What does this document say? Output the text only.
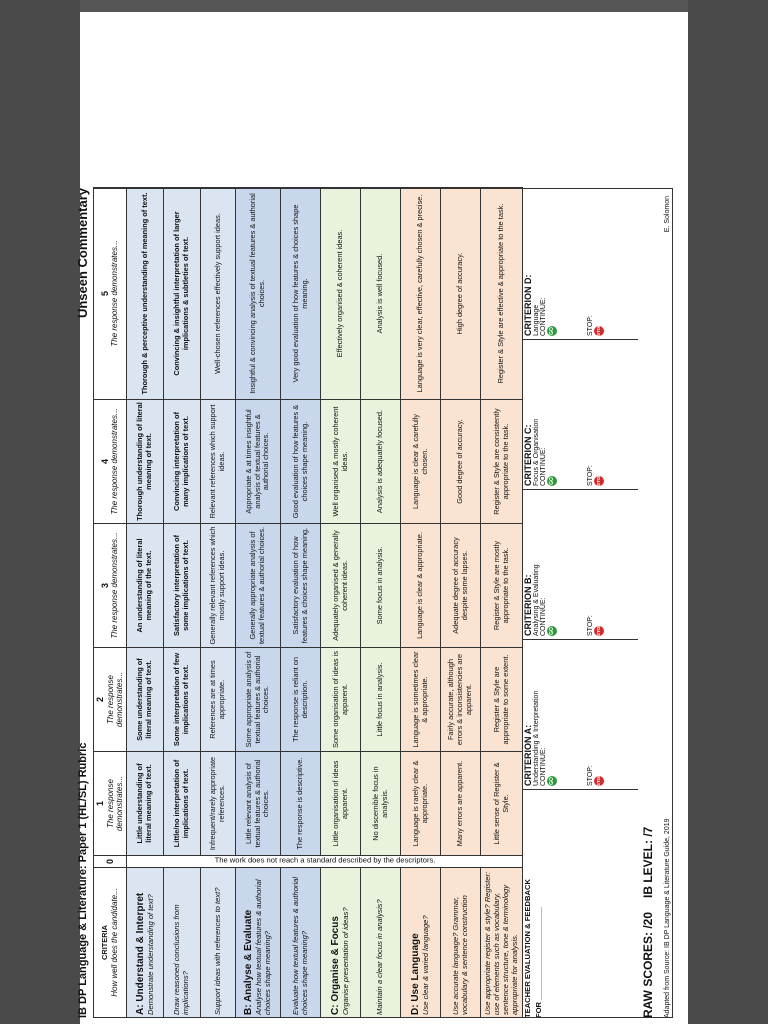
IB DP Language & Literature: Paper 1 (HL/SL) Rubric
Unseen Commentary
CRITERIA
How well does the candidate...	0	1 The response demonstrates...	2 The response demonstrates...	3 The response demonstrates...	4 The response demonstrates...	5 The response demonstrates...

A: Understand & Interpret Demonstrate understanding of text?	The work does not reach a standard described by the descriptors.	Little understanding of literal meaning of text.	Some understanding of literal meaning of text.	An understanding of literal meaning of the text.	Thorough understanding of literal meaning of text.	Thorough & perceptive understanding of meaning of text.
Draw reasoned conclusions from implications?		Little/no interpretation of implications of text.	Some interpretation of few implications of text.	Satisfactory interpretation of some implications of text.	Convincing interpretation of many implications of text.	Convincing & insightful interpretation of larger implications & subtleties of text.
Support ideas with references to text?		Infrequent/rarely appropriate references.	References are at times appropriate.	Generally relevant references which mostly support ideas.	Relevant references which support ideas.	Well-chosen references effectively support ideas.

B: Analyse & Evaluate Analyse how textual features & authorial choices shape meaning?		Little relevant analysis of textual features & authorial choices.	Some appropriate analysis of textual features & authorial choices.	Generally appropriate analysis of textual features & authorial choices.	Appropriate & at times insightful analysis of textual features & authorial choices.	Insightful & convincing analysis of textual features & authorial choices.
Evaluate how textual features & authorial choices shape meaning?		The response is descriptive.	The response is reliant on description.	Satisfactory evaluation of how features & choices shape meaning.	Good evaluation of how features & choices shape meaning.	Very good evaluation of how features & choices shape meaning.

C: Organise & Focus Organise presentation of ideas?		Little organisation of ideas apparent.	Some organisation of ideas is apparent.	Adequately organised & generally coherent ideas.	Well organised & mostly coherent ideas.	Effectively organised & coherent ideas.
Maintain a clear focus in analysis?		No discernible focus in analysis.	Little focus in analysis.	Some focus in analysis.	Analysis is adequately focused.	Analysis is well focused.

D: Use Language Use clear & varied language?		Language is rarely clear & appropriate.	Language is sometimes clear & appropriate.	Language is clear & appropriate.	Language is clear & carefully chosen.	Language is very clear, effective, carefully chosen & precise.
Use accurate language? Grammar, vocabulary & sentence construction		Many errors are apparent.	Fairly accurate, although errors & inconsistencies are apparent.	Adequate degree of accuracy despite some lapses.	Good degree of accuracy.	High degree of accuracy.
Use appropriate register & style? Register: use of elements such as vocabulary, sentence structure, tone & terminology appropriate for analysis.		Little sense of Register & Style.	Register & Style are appropriate to some extent.	Register & Style are mostly appropriate to the task.	Register & Style are consistently appropriate to the task.	Register & Style are effective & appropriate to the task.
TEACHER EVALUATION & FEEDBACK FOR ______________________	RAW SCORES: /20
IB LEVEL: /7
CRITERION A: Understanding & Interpretation CONTINUE: GO	STOP: STOP
CRITERION B: Analysing & Evaluating CONTINUE: GO	STOP: STOP
CRITERION C: Focus & Organisation CONTINUE: GO	STOP: STOP
CRITERION D: Language CONTINUE: GO	STOP: STOP
Adapted from Source: IB DP Language & Literature Guide, 2019
E. Solomon
